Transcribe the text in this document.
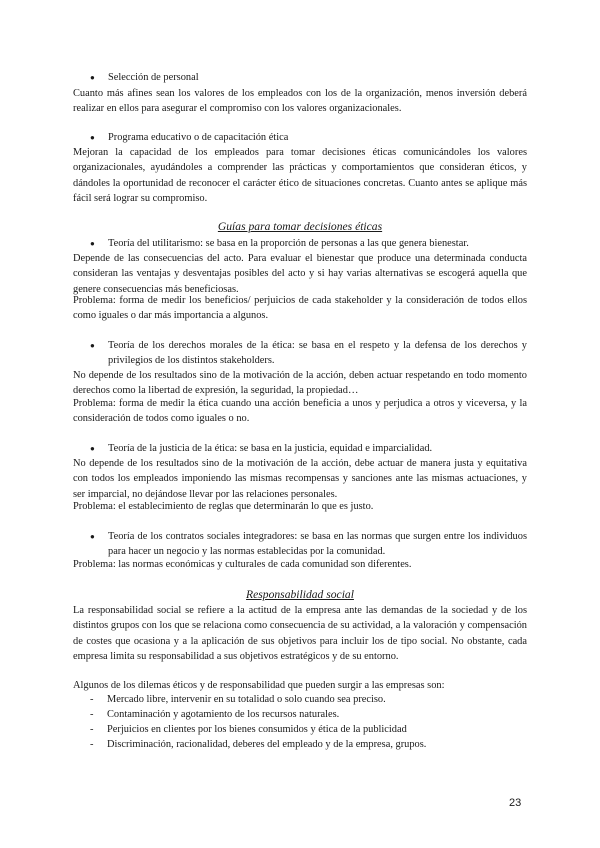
● Selección de personal
Cuanto más afines sean los valores de los empleados con los de la organización, menos inversión deberá realizar en ellos para asegurar el compromiso con los valores organizacionales.
● Programa educativo o de capacitación ética
Mejoran la capacidad de los empleados para tomar decisiones éticas comunicándoles los valores organizacionales, ayudándoles a comprender las prácticas y comportamientos que consideran éticos, y dándoles la oportunidad de reconocer el carácter ético de situaciones concretas. Cuanto antes se aplique más fácil será lograr su compromiso.
Guías para tomar decisiones éticas
● Teoría del utilitarismo: se basa en la proporción de personas a las que genera bienestar.
Depende de las consecuencias del acto. Para evaluar el bienestar que produce una determinada conducta consideran las ventajas y desventajas posibles del acto y si hay varias alternativas se escogerá aquella que genere consecuencias más beneficiosas.
Problema: forma de medir los beneficios/ perjuicios de cada stakeholder y la consideración de todos ellos como iguales o dar más importancia a algunos.
● Teoría de los derechos morales de la ética: se basa en el respeto y la defensa de los derechos y privilegios de los distintos stakeholders.
No depende de los resultados sino de la motivación de la acción, deben actuar respetando en todo momento derechos como la libertad de expresión, la seguridad, la propiedad…
Problema: forma de medir la ética cuando una acción beneficia a unos y perjudica a otros y viceversa, y la consideración de todos como iguales o no.
● Teoría de la justicia de la ética: se basa en la justicia, equidad e imparcialidad.
No depende de los resultados sino de la motivación de la acción, debe actuar de manera justa y equitativa con todos los empleados imponiendo las mismas recompensas y sanciones ante las mismas actuaciones, y ser imparcial, no dejándose llevar por las relaciones personales.
Problema: el establecimiento de reglas que determinarán lo que es justo.
● Teoría de los contratos sociales integradores: se basa en las normas que surgen entre los individuos para hacer un negocio y las normas establecidas por la comunidad.
Problema: las normas económicas y culturales de cada comunidad son diferentes.
Responsabilidad social
La responsabilidad social se refiere a la actitud de la empresa ante las demandas de la sociedad y de los distintos grupos con los que se relaciona como consecuencia de su actividad, a la valoración y compensación de costes que ocasiona y a la aplicación de sus objetivos para incluir los de tipo social. No obstante, cada empresa limita su responsabilidad a sus objetivos estratégicos y de su entorno.
Algunos de los dilemas éticos y de responsabilidad que pueden surgir a las empresas son:
- Mercado libre, intervenir en su totalidad o solo cuando sea preciso.
- Contaminación y agotamiento de los recursos naturales.
- Perjuicios en clientes por los bienes consumidos y ética de la publicidad
- Discriminación, racionalidad, deberes del empleado y de la empresa, grupos.
23
